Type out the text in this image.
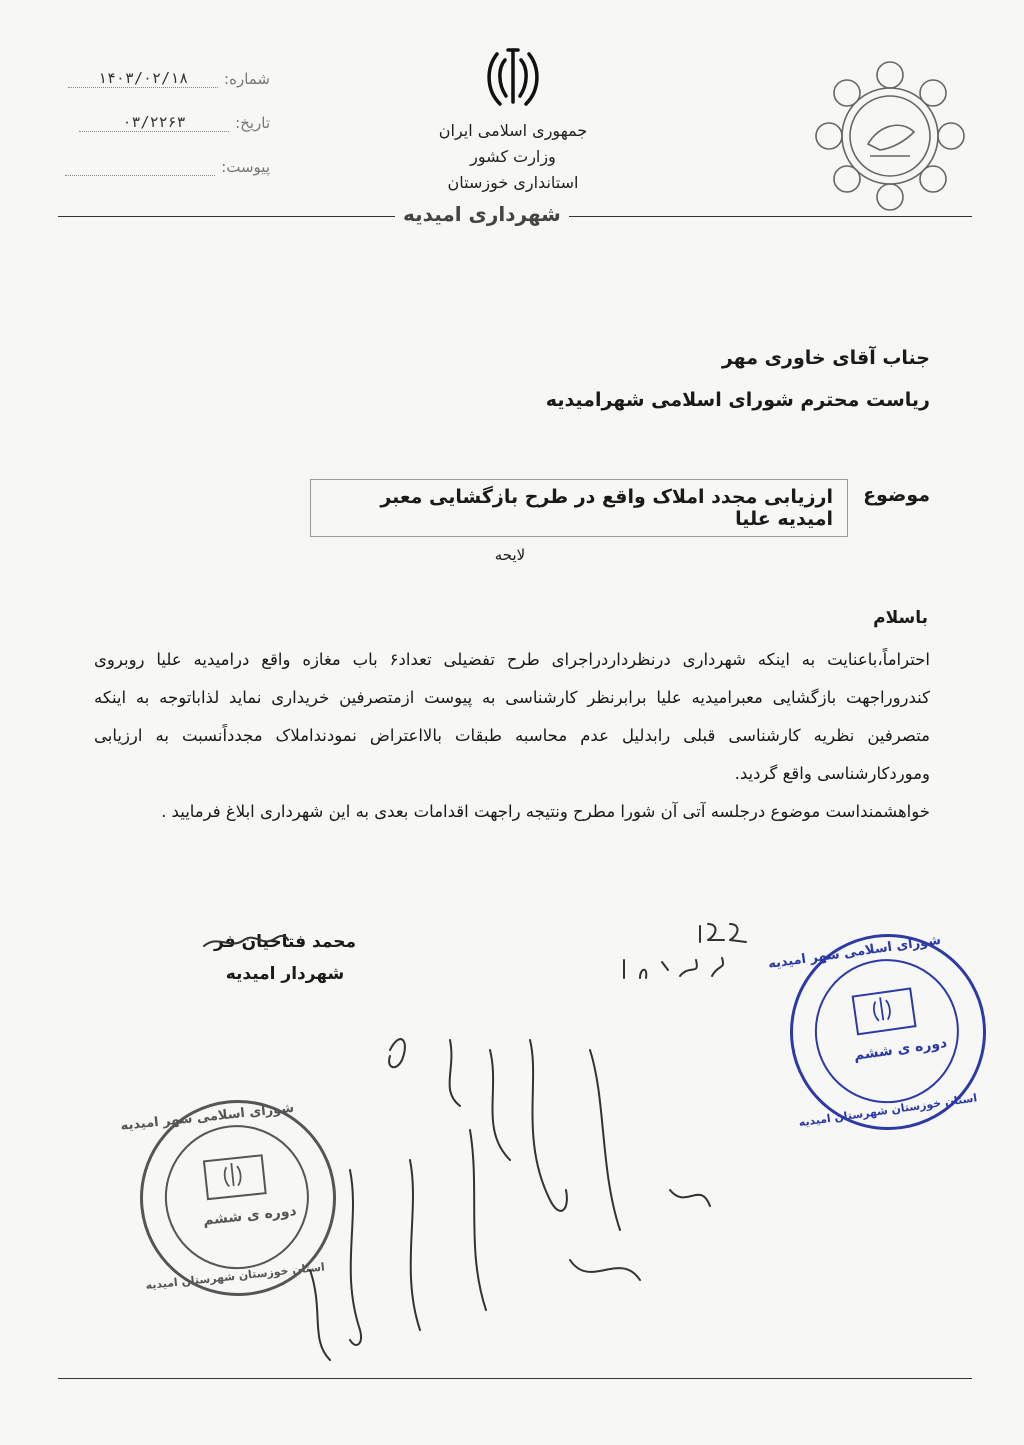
شماره:
۱۴۰۳/۰۲/۱۸
تاریخ:
۰۳/۲۲۶۳
پیوست:
جمهوری اسلامی ایران
وزارت کشور
استانداری خوزستان
شهرداری امیدیه
جناب آقای خاوری مهر
ریاست محترم شورای اسلامی شهرامیدیه
موضوع
ارزیابی مجدد املاک واقع در طرح بازگشایی معبر امیدیه علیا
لایحه
باسلام
احتراماً،باعنایت به اینکه شهرداری درنظرداردراجرای طرح تفضیلی تعداد۶ باب مغازه واقع درامیدیه علیا روبروی کندروراجهت بازگشایی معبرامیدیه علیا برابرنظر کارشناسی به پیوست ازمتصرفین خریداری نماید لذاباتوجه به اینکه متصرفین نظریه کارشناسی قبلی رابدلیل عدم محاسبه طبقات بالااعتراض نمودنداملاک مجدداًنسبت به ارزیابی وموردکارشناسی واقع گردید.
خواهشمنداست موضوع درجلسه آتی آن شورا مطرح ونتیجه راجهت اقدامات بعدی به این شهرداری ابلاغ فرمایید .
محمد فتاحیان فر
شهردار امیدیه
شورای اسلامی شهر امیدیه
دوره ی ششم
استان خوزستان شهرستان امیدیه
شورای اسلامی شهر امیدیه
دوره ی ششم
استان خوزستان شهرستان امیدیه
